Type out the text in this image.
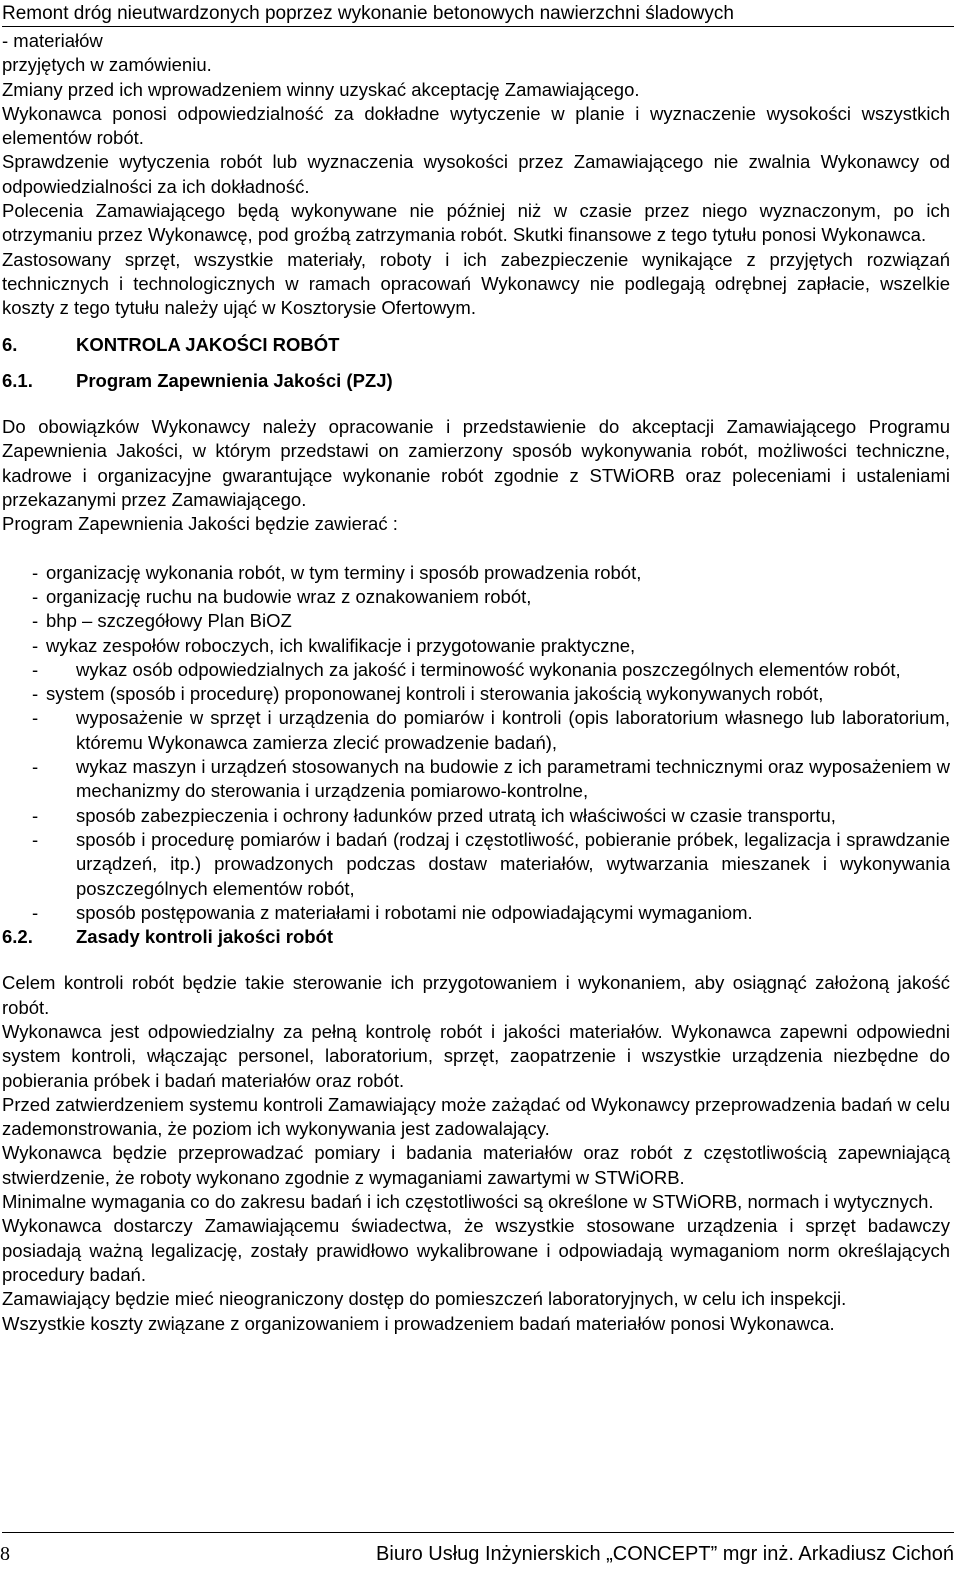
Remont dróg nieutwardzonych poprzez wykonanie betonowych nawierzchni śladowych

- materiałów

przyjętych w zamówieniu.

Zmiany przed ich wprowadzeniem winny uzyskać akceptację Zamawiającego.

Wykonawca ponosi odpowiedzialność za dokładne wytyczenie w planie i wyznaczenie wysokości wszystkich elementów robót.

Sprawdzenie wytyczenia robót lub wyznaczenia wysokości przez Zamawiającego nie zwalnia Wykonawcy od odpowiedzialności za ich dokładność.

Polecenia Zamawiającego będą wykonywane nie później niż w czasie przez niego wyznaczonym, po ich otrzymaniu przez Wykonawcę, pod groźbą zatrzymania robót. Skutki finansowe z tego tytułu ponosi Wykonawca.

Zastosowany sprzęt, wszystkie materiały, roboty i ich zabezpieczenie wynikające z przyjętych rozwiązań technicznych i technologicznych w ramach opracowań Wykonawcy nie podlegają odrębnej zapłacie, wszelkie koszty z tego tytułu należy ująć w Kosztorysie Ofertowym.

6.	KONTROLA JAKOŚCI ROBÓT
6.1.	Program Zapewnienia Jakości (PZJ)

Do obowiązków Wykonawcy należy opracowanie i przedstawienie do akceptacji Zamawiającego Programu Zapewnienia Jakości, w którym przedstawi on zamierzony sposób wykonywania robót, możliwości techniczne, kadrowe i organizacyjne gwarantujące wykonanie robót zgodnie z STWiORB oraz poleceniami i ustaleniami przekazanymi przez Zamawiającego.

Program Zapewnienia Jakości będzie zawierać :

- organizację wykonania robót, w tym terminy i sposób prowadzenia robót,
- organizację ruchu na budowie wraz z oznakowaniem robót,
- bhp – szczegółowy Plan BiOZ
- wykaz zespołów roboczych, ich kwalifikacje i przygotowanie praktyczne,
-	wykaz osób odpowiedzialnych za jakość i terminowość wykonania poszczególnych elementów robót,
- system (sposób i procedurę) proponowanej kontroli i sterowania jakością wykonywanych robót,
-	wyposażenie w sprzęt i urządzenia do pomiarów i kontroli (opis laboratorium własnego lub laboratorium, któremu Wykonawca zamierza zlecić prowadzenie badań),
-	wykaz maszyn i urządzeń stosowanych na budowie z ich parametrami technicznymi oraz wyposażeniem w mechanizmy do sterowania i urządzenia pomiarowo-kontrolne,
-	sposób zabezpieczenia i ochrony ładunków przed utratą ich właściwości w czasie transportu,
-	sposób i procedurę pomiarów i badań (rodzaj i częstotliwość, pobieranie próbek, legalizacja i sprawdzanie urządzeń, itp.) prowadzonych podczas dostaw materiałów, wytwarzania mieszanek i wykonywania poszczególnych elementów robót,
-	sposób postępowania z materiałami i robotami nie odpowiadającymi wymaganiom.
6.2.	Zasady kontroli jakości robót

Celem kontroli robót będzie takie sterowanie ich przygotowaniem i wykonaniem, aby osiągnąć założoną jakość robót.

Wykonawca jest odpowiedzialny za pełną kontrolę robót i jakości materiałów. Wykonawca zapewni odpowiedni system kontroli, włączając personel, laboratorium, sprzęt, zaopatrzenie i wszystkie urządzenia niezbędne do pobierania próbek i badań materiałów oraz robót.

Przed zatwierdzeniem systemu kontroli Zamawiający może zażądać od Wykonawcy przeprowadzenia badań w celu zademonstrowania, że poziom ich wykonywania jest zadowalający.

Wykonawca będzie przeprowadzać pomiary i badania materiałów oraz robót z częstotliwością zapewniającą stwierdzenie, że roboty wykonano zgodnie z wymaganiami zawartymi w STWiORB.

Minimalne wymagania co do zakresu badań i ich częstotliwości są określone w STWiORB, normach i wytycznych.

Wykonawca dostarczy Zamawiającemu świadectwa, że wszystkie stosowane urządzenia i sprzęt badawczy posiadają ważną legalizację, zostały prawidłowo wykalibrowane i odpowiadają wymaganiom norm określających procedury badań.

Zamawiający będzie mieć nieograniczony dostęp do pomieszczeń laboratoryjnych, w celu ich inspekcji.

Wszystkie koszty związane z organizowaniem i prowadzeniem badań materiałów ponosi Wykonawca.

8	Biuro Usług Inżynierskich „CONCEPT” mgr inż. Arkadiusz Cichoń
